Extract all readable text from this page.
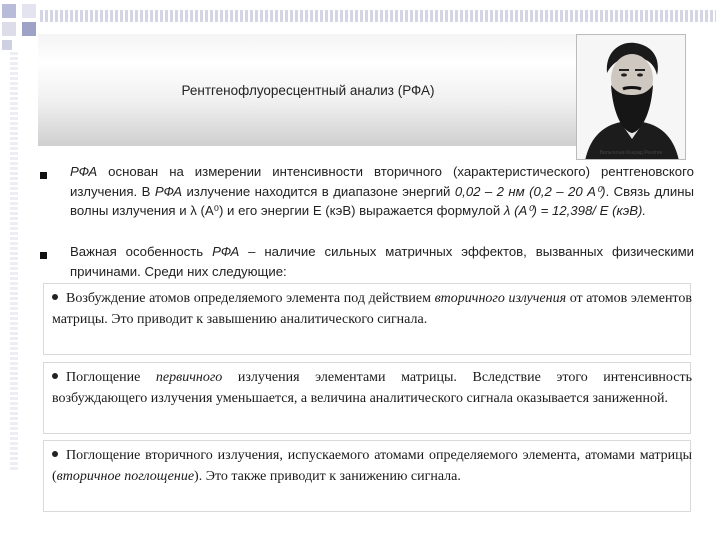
Рентгенофлуоресцентный анализ (РФА)
Вильгельм Конрад Рентген
РФА основан на измерении интенсивности вторичного (характеристического) рентгеновского излучения. В РФА излучение находится в диапазоне энергий 0,02 – 2 нм (0,2 – 20 А⁰). Связь длины волны излучения и λ (А⁰) и его энергии Е (кэВ) выражается формулой λ (А⁰) = 12,398/ Е (кэВ).
Важная особенность РФА – наличие сильных матричных эффектов, вызванных физическими причинами. Среди них следующие:
Возбуждение атомов определяемого элемента под действием вторичного излучения от атомов элементов матрицы. Это приводит к завышению аналитического сигнала.
Поглощение первичного излучения элементами матрицы. Вследствие этого интенсивность возбуждающего излучения уменьшается, а величина аналитического сигнала оказывается заниженной.
Поглощение вторичного излучения, испускаемого атомами определяемого элемента, атомами матрицы (вторичное поглощение). Это также приводит к занижению сигнала.
